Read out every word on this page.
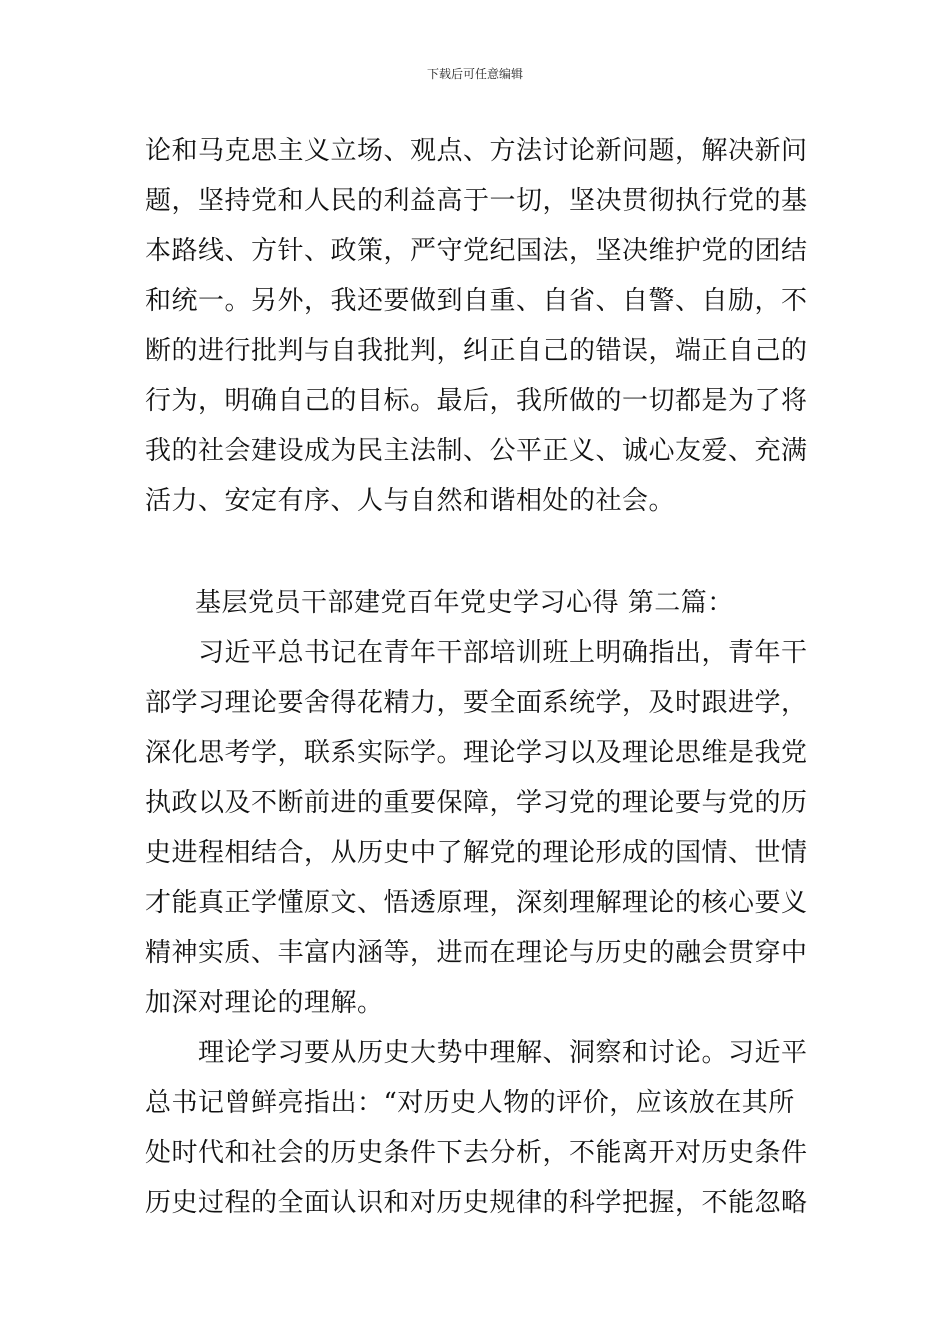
下载后可任意编辑
论和马克思主义立场、观点、方法讨论新问题，解决新问
题，坚持党和人民的利益高于一切，坚决贯彻执行党的基
本路线、方针、政策，严守党纪国法，坚决维护党的团结
和统一。另外，我还要做到自重、自省、自警、自励，不
断的进行批判与自我批判，纠正自己的错误，端正自己的
行为，明确自己的目标。最后，我所做的一切都是为了将
我的社会建设成为民主法制、公平正义、诚心友爱、充满
活力、安定有序、人与自然和谐相处的社会。
基层党员干部建党百年党史学习心得 第二篇：
习近平总书记在青年干部培训班上明确指出，青年干
部学习理论要舍得花精力，要全面系统学，及时跟进学，
深化思考学，联系实际学。理论学习以及理论思维是我党
执政以及不断前进的重要保障，学习党的理论要与党的历
史进程相结合，从历史中了解党的理论形成的国情、世情
才能真正学懂原文、悟透原理，深刻理解理论的核心要义
精神实质、丰富内涵等，进而在理论与历史的融会贯穿中
加深对理论的理解。
理论学习要从历史大势中理解、洞察和讨论。习近平
总书记曾鲜亮指出：“对历史人物的评价，应该放在其所
处时代和社会的历史条件下去分析，不能离开对历史条件
历史过程的全面认识和对历史规律的科学把握，不能忽略
